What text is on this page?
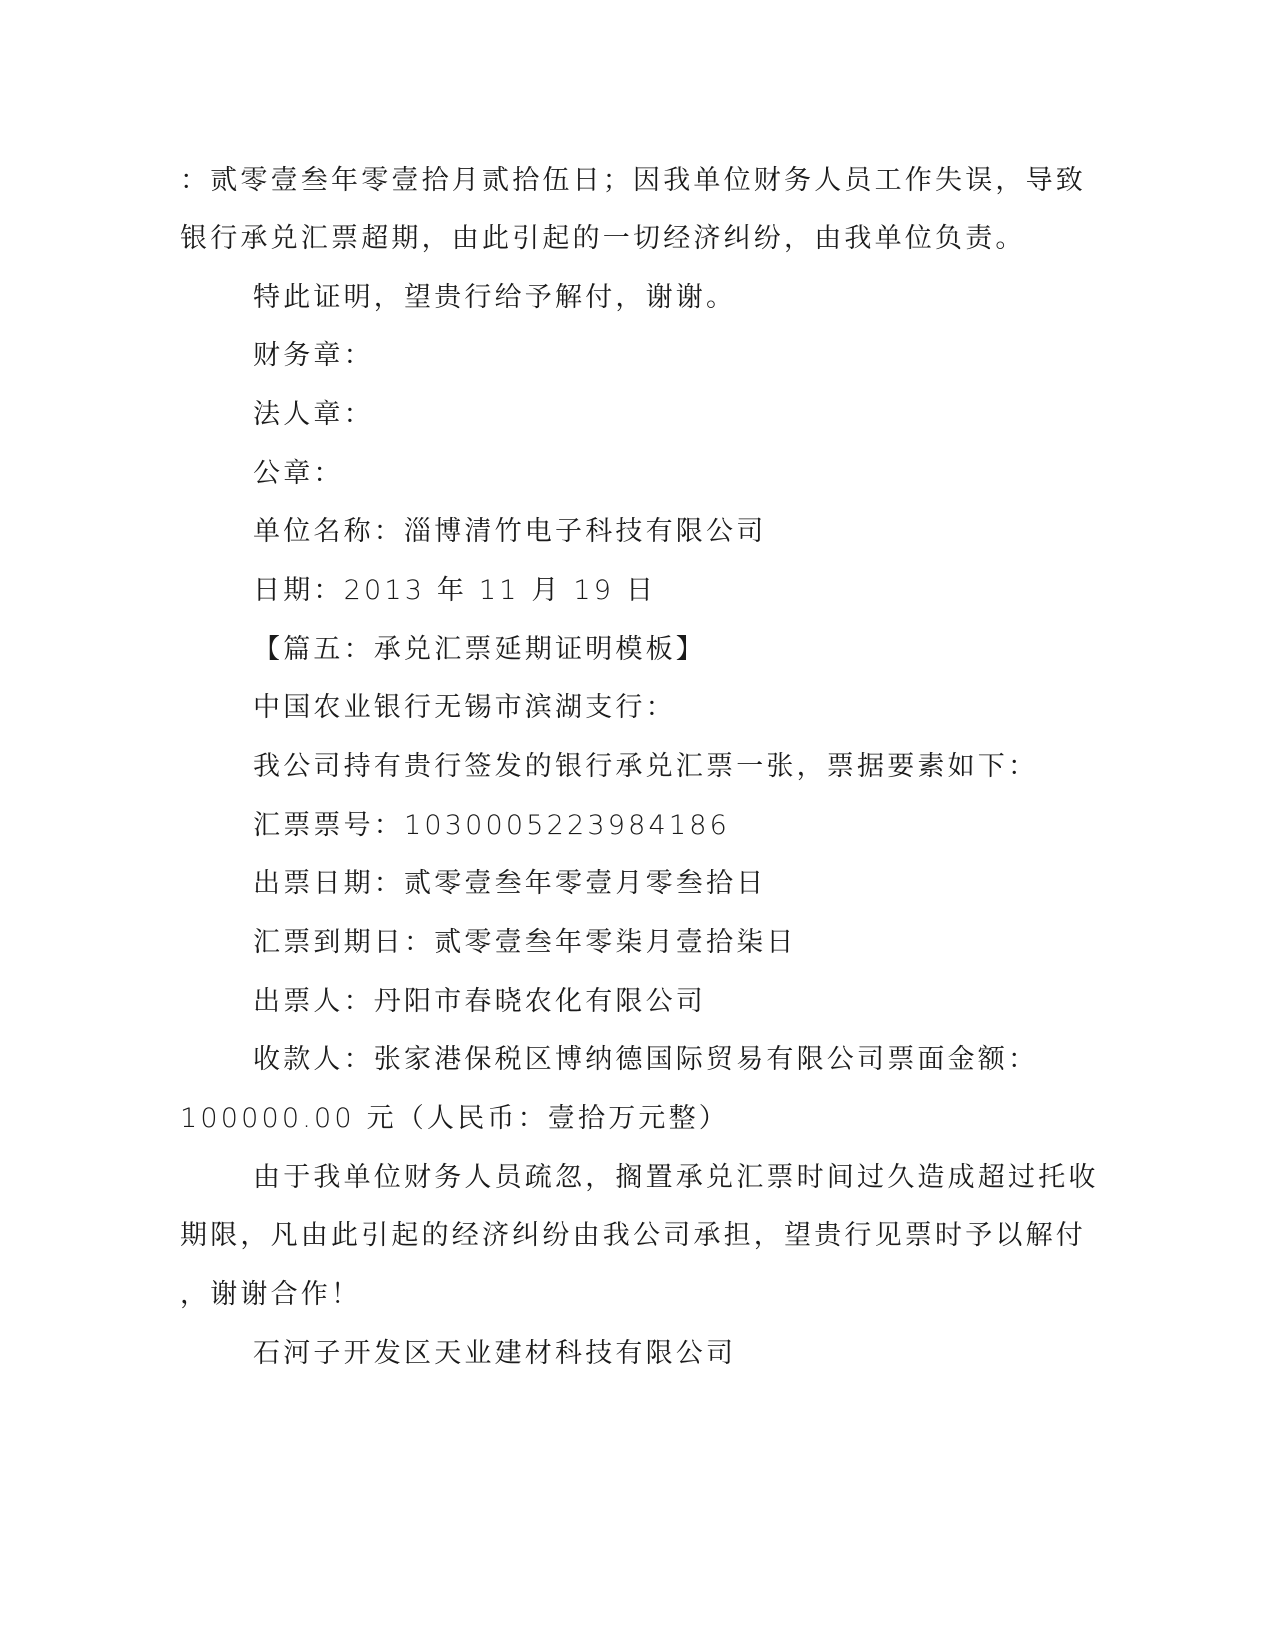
：贰零壹叁年零壹拾月贰拾伍日；因我单位财务人员工作失误，导致
银行承兑汇票超期，由此引起的一切经济纠纷，由我单位负责。
特此证明，望贵行给予解付，谢谢。
财务章：
法人章：
公章：
单位名称：淄博清竹电子科技有限公司
日期：2013 年 11 月 19 日
【篇五：承兑汇票延期证明模板】
中国农业银行无锡市滨湖支行：
我公司持有贵行签发的银行承兑汇票一张，票据要素如下：
汇票票号：1030005223984186
出票日期：贰零壹叁年零壹月零叁拾日
汇票到期日：贰零壹叁年零柒月壹拾柒日
出票人：丹阳市春晓农化有限公司
收款人：张家港保税区博纳德国际贸易有限公司票面金额：
100000.00 元（人民币：壹拾万元整）
由于我单位财务人员疏忽，搁置承兑汇票时间过久造成超过托收
期限，凡由此引起的经济纠纷由我公司承担，望贵行见票时予以解付
，谢谢合作！
石河子开发区天业建材科技有限公司
